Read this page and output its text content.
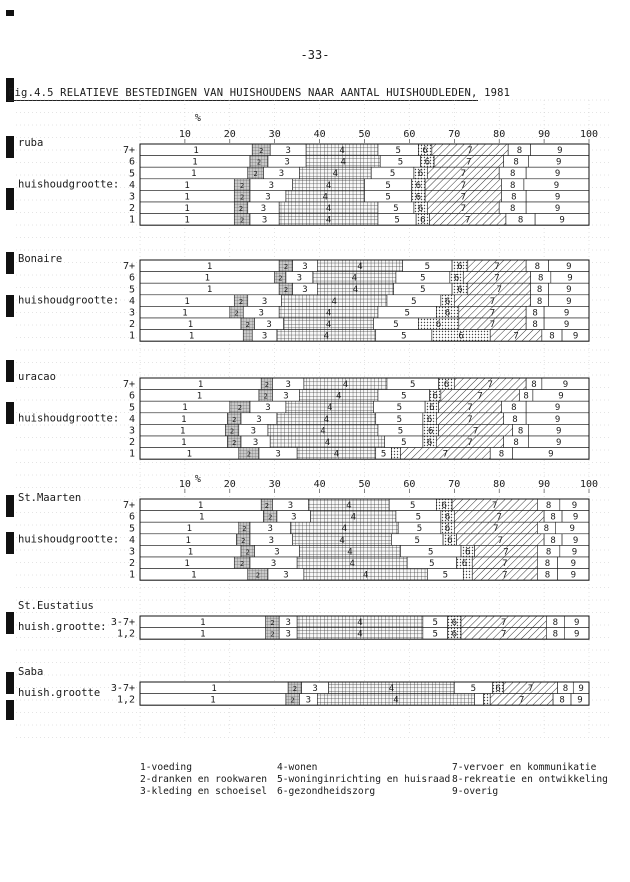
-33-
Fig.4.5 RELATIEVE BESTEDINGEN VAN HUISHOUDENS NAAR AANTAL HUISHOUDLEDEN, 1981
10	20	30	40	50	60	70	80	90	100
%
10	20	30	40	50	60	70	80	90	100
%
ruba
huishoudgrootte:
7+	1	2 3	4	5 6	7	8	9
6	1	2	3	4	5 6	7	8	9
5	1	2 3	4	5	6	7	8	9
4	1	2	3	4	5	6	7	8	9
3	1	2 3	4	5	6	7	8	9
2	1	2 3	4	5 6	7	8	9
1	1	2 3	4	5 6	7	8	9
Bonaire
huishoudgrootte:
7+	1	2 3	4	5	6	7	8	9
6	1	2 3	4	5	6	7	8	9
5	1	2 3	4	5	6	7	8	9
4	1	2 3	4	5	6	7	8	9
3	1	2 3	4	5	6	7	8	9
2	1	2 3	4	5	6	7	8	9
1	1	3	4	5	6	7	8 9
uracao
huishoudgrootte:
7+	1	2 3	4	5	6	7	8	9
6	1	2 3	4	5	6	7	8	9
5	1	2	3	4	5	6	7	8	9
4	1	2 3	4	5	6	7	8	9
3	1	2 3	4	5	6	7	8	9
2	1	2 3	4	5 6	7	8	9
1	1	2	3	4	5	7	8	9
St.Maarten
huishoudgrootte:
7+	1	2 3	4	5	6	7	8 9
6	1	2 3	4	5	6	7	8 9
5	1	2 3	4	5	6	7	8 9
4	1	2	3	4	5	6	7	8 9
3	1	2	3	4	5	6	7	8 9
2	1	2	3	4	5	6	7	8 9
1	1	2	3	4	5	7	8 9
St.Eustatius
huish.grootte: 3-7+	1	2 3	4	5 6	7	8 9
1,2	1	2 3	4	5 6	7	8 9
Saba
huish.grootte 3-7+	1	2 3	4	5 6	7	8 9
1,2	1	2 3	4	7	8 9
1-voeding
2-dranken en rookwaren
3-kleding en schoeisel
4-wonen
5-woninginrichting en huisraad
6-gezondheidszorg
7-vervoer en kommunikatie
8-rekreatie en ontwikkeling
9-overig
